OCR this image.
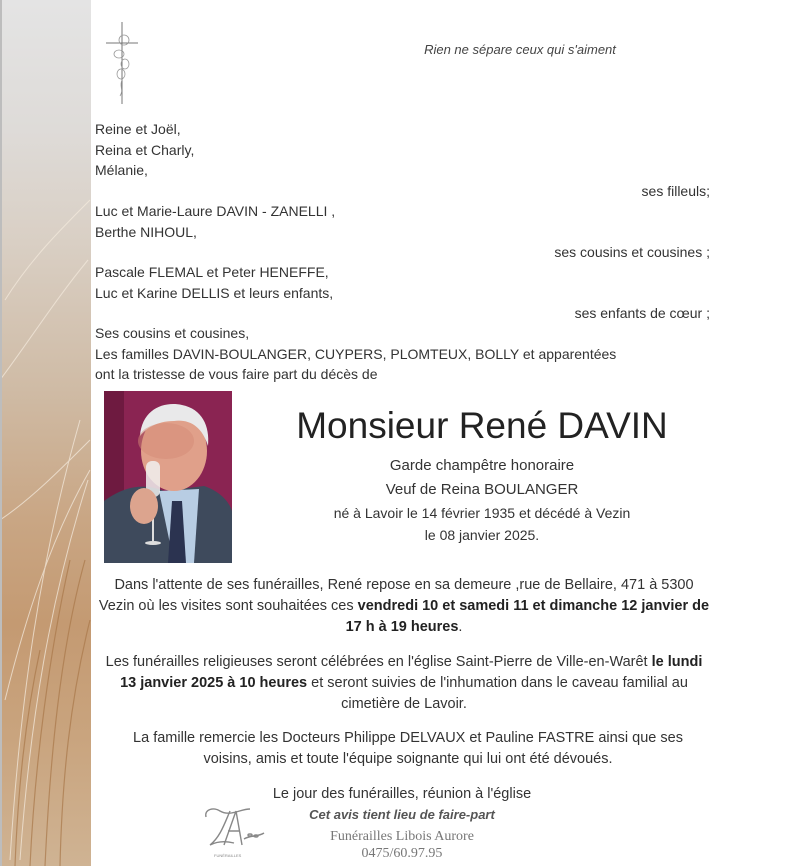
Rien ne sépare ceux qui s'aiment
Reine et Joël,
Reina et Charly,
Mélanie,
ses filleuls;
Luc et Marie-Laure DAVIN - ZANELLI ,
Berthe NIHOUL,
ses cousins et cousines ;
Pascale FLEMAL et Peter HENEFFE,
Luc et Karine DELLIS et leurs enfants,
ses enfants de cœur ;
Ses cousins et cousines,
Les familles DAVIN-BOULANGER, CUYPERS, PLOMTEUX, BOLLY et apparentées
ont la tristesse de vous faire part du décès de
Monsieur René DAVIN
Garde champêtre honoraire
Veuf de Reina BOULANGER
né à Lavoir le 14 février 1935 et décédé à Vezin
le 08 janvier 2025.
Dans l'attente de ses funérailles, René repose en sa demeure ,rue de Bellaire, 471 à 5300 Vezin où les visites sont souhaitées ces vendredi 10 et samedi 11 et dimanche 12 janvier de 17 h à 19 heures.
Les funérailles religieuses seront célébrées en l'église Saint-Pierre de Ville-en-Warêt le lundi 13 janvier 2025 à 10 heures et seront suivies de l'inhumation dans le caveau familial au cimetière de Lavoir.
La famille remercie les Docteurs Philippe DELVAUX et Pauline FASTRE ainsi que ses voisins, amis et toute l'équipe soignante qui lui ont été dévoués.
Le jour des funérailles, réunion à l'église
FUNÉRAILLES
Cet avis tient lieu de faire-part
Funérailles Libois Aurore
0475/60.97.95
